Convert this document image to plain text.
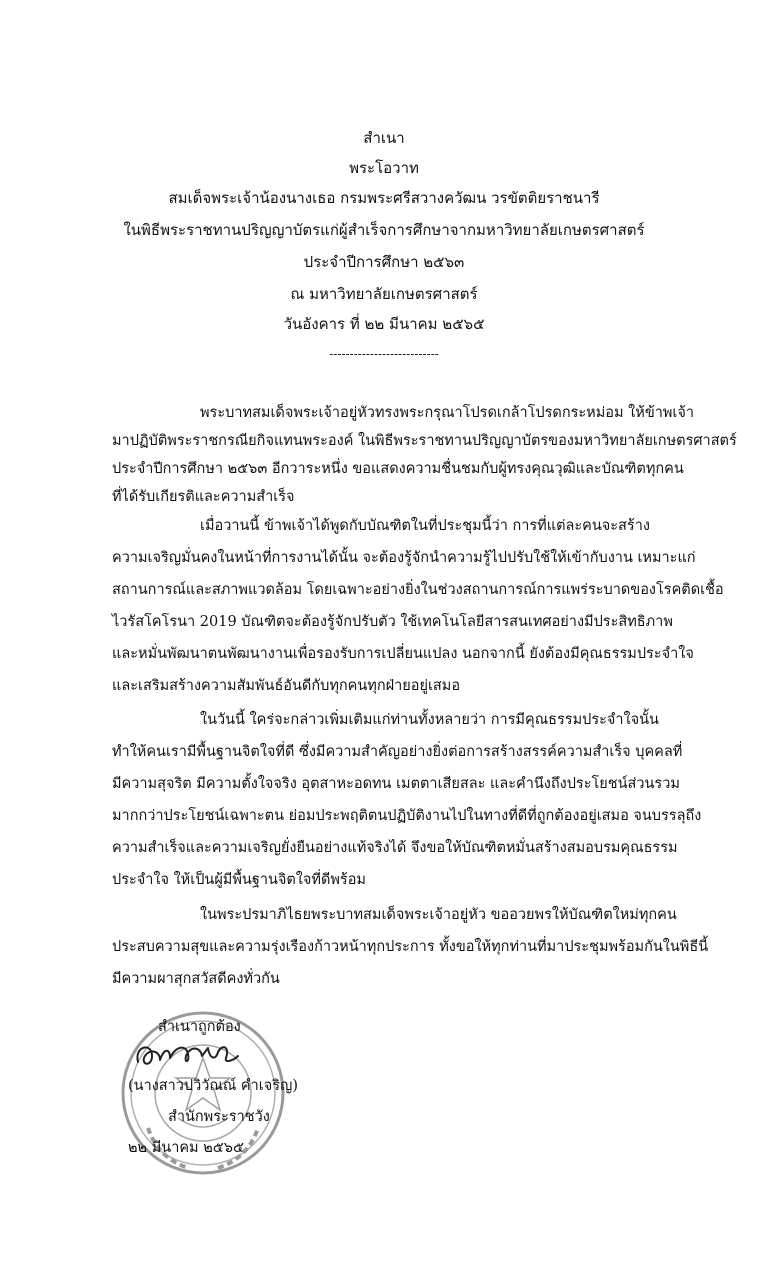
สำเนา
พระโอวาท
สมเด็จพระเจ้าน้องนางเธอ กรมพระศรีสวางควัฒน วรขัตติยราชนารี
ในพิธีพระราชทานปริญญาบัตรแก่ผู้สำเร็จการศึกษาจากมหาวิทยาลัยเกษตรศาสตร์
ประจำปีการศึกษา ๒๕๖๓
ณ มหาวิทยาลัยเกษตรศาสตร์
วันอังคาร ที่ ๒๒ มีนาคม ๒๕๖๕
---------------------------
พระบาทสมเด็จพระเจ้าอยู่หัวทรงพระกรุณาโปรดเกล้าโปรดกระหม่อม ให้ข้าพเจ้า
มาปฏิบัติพระราชกรณียกิจแทนพระองค์ ในพิธีพระราชทานปริญญาบัตรของมหาวิทยาลัยเกษตรศาสตร์
ประจำปีการศึกษา ๒๕๖๓ อีกวาระหนึ่ง ขอแสดงความชื่นชมกับผู้ทรงคุณวุฒิและบัณฑิตทุกคน
ที่ได้รับเกียรติและความสำเร็จ
เมื่อวานนี้ ข้าพเจ้าได้พูดกับบัณฑิตในที่ประชุมนี้ว่า การที่แต่ละคนจะสร้าง
ความเจริญมั่นคงในหน้าที่การงานได้นั้น จะต้องรู้จักนำความรู้ไปปรับใช้ให้เข้ากับงาน เหมาะแก่
สถานการณ์และสภาพแวดล้อม โดยเฉพาะอย่างยิ่งในช่วงสถานการณ์การแพร่ระบาดของโรคติดเชื้อ
ไวรัสโคโรนา 2019 บัณฑิตจะต้องรู้จักปรับตัว ใช้เทคโนโลยีสารสนเทศอย่างมีประสิทธิภาพ
และหมั่นพัฒนาตนพัฒนางานเพื่อรองรับการเปลี่ยนแปลง นอกจากนี้ ยังต้องมีคุณธรรมประจำใจ
และเสริมสร้างความสัมพันธ์อันดีกับทุกคนทุกฝ่ายอยู่เสมอ
ในวันนี้ ใคร่จะกล่าวเพิ่มเติมแก่ท่านทั้งหลายว่า การมีคุณธรรมประจำใจนั้น
ทำให้คนเรามีพื้นฐานจิตใจที่ดี ซึ่งมีความสำคัญอย่างยิ่งต่อการสร้างสรรค์ความสำเร็จ บุคคลที่
มีความสุจริต มีความตั้งใจจริง อุตสาหะอดทน เมตตาเสียสละ และคำนึงถึงประโยชน์ส่วนรวม
มากกว่าประโยชน์เฉพาะตน ย่อมประพฤติตนปฏิบัติงานไปในทางที่ดีที่ถูกต้องอยู่เสมอ จนบรรลุถึง
ความสำเร็จและความเจริญยั่งยืนอย่างแท้จริงได้ จึงขอให้บัณฑิตหมั่นสร้างสมอบรมคุณธรรม
ประจำใจ ให้เป็นผู้มีพื้นฐานจิตใจที่ดีพร้อม
ในพระปรมาภิไธยพระบาทสมเด็จพระเจ้าอยู่หัว ขออวยพรให้บัณฑิตใหม่ทุกคน
ประสบความสุขและความรุ่งเรืองก้าวหน้าทุกประการ ทั้งขอให้ทุกท่านที่มาประชุมพร้อมกันในพิธีนี้
มีความผาสุกสวัสดีคงทั่วกัน
สำเนาถูกต้อง
(นางสาวปวิวัณณ์ คำเจริญ)
สำนักพระราชวัง
๒๒ มีนาคม ๒๕๖๕
